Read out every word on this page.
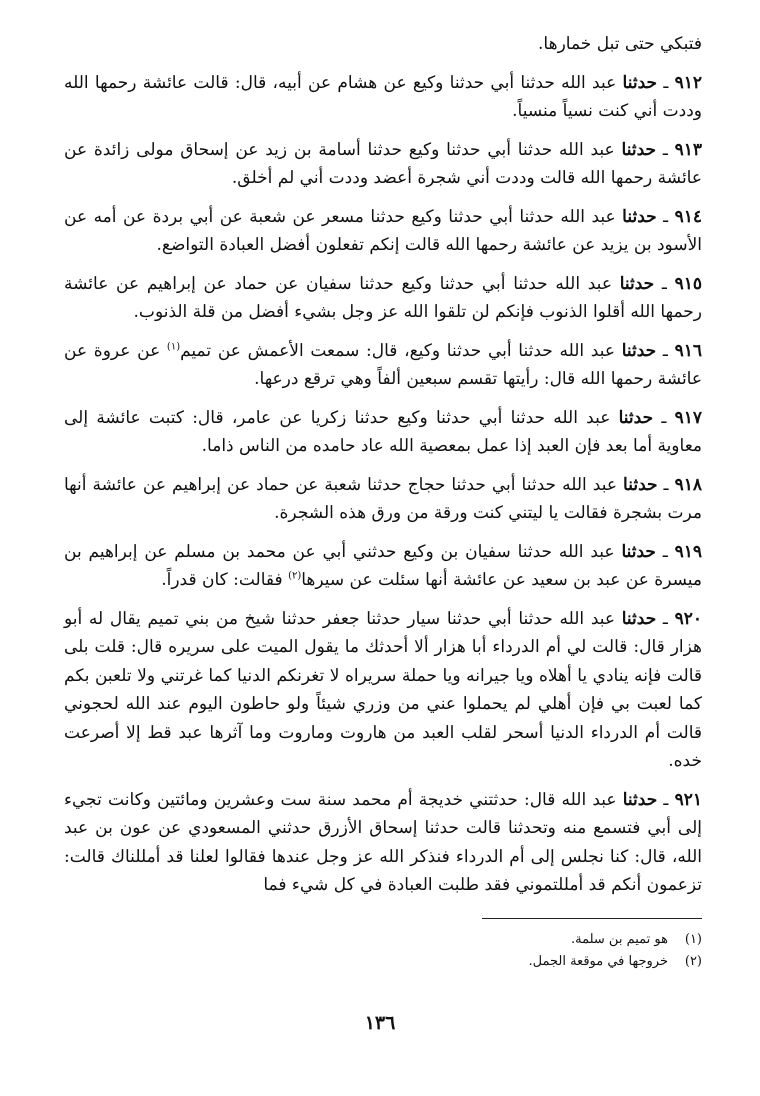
فتبكي حتى تبل خمارها.

٩١٢ ـ حدثنا عبد الله حدثنا أبي حدثنا وكيع عن هشام عن أبيه، قال: قالت عائشة رحمها الله وددت أني كنت نسياً منسياً.

٩١٣ ـ حدثنا عبد الله حدثنا أبي حدثنا وكيع حدثنا أسامة بن زيد عن إسحاق مولى زائدة عن عائشة رحمها الله قالت وددت أني شجرة أعضد وددت أني لم أخلق.

٩١٤ ـ حدثنا عبد الله حدثنا أبي حدثنا وكيع حدثنا مسعر عن شعبة عن أبي بردة عن أمه عن الأسود بن يزيد عن عائشة رحمها الله قالت إنكم تفعلون أفضل العبادة التواضع.

٩١٥ ـ حدثنا عبد الله حدثنا أبي حدثنا وكيع حدثنا سفيان عن حماد عن إبراهيم عن عائشة رحمها الله أقلوا الذنوب فإنكم لن تلقوا الله عز وجل بشيء أفضل من قلة الذنوب.

٩١٦ ـ حدثنا عبد الله حدثنا أبي حدثنا وكيع، قال: سمعت الأعمش عن تميم$^{(١)}$ عن عروة عن عائشة رحمها الله قال: رأيتها تقسم سبعين ألفاً وهي ترقع درعها.

٩١٧ ـ حدثنا عبد الله حدثنا أبي حدثنا وكيع حدثنا زكريا عن عامر، قال: كتبت عائشة إلى معاوية أما بعد فإن العبد إذا عمل بمعصية الله عاد حامده من الناس ذاما.

٩١٨ ـ حدثنا عبد الله حدثنا أبي حدثنا حجاج حدثنا شعبة عن حماد عن إبراهيم عن عائشة أنها مرت بشجرة فقالت يا ليتني كنت ورقة من ورق هذه الشجرة.

٩١٩ ـ حدثنا عبد الله حدثنا سفيان بن وكيع حدثني أبي عن محمد بن مسلم عن إبراهيم بن ميسرة عن عبد بن سعيد عن عائشة أنها سئلت عن سيرها$^{(٢)}$ فقالت: كان قدراً.

٩٢٠ ـ حدثنا عبد الله حدثنا أبي حدثنا سيار حدثنا جعفر حدثنا شيخ من بني تميم يقال له أبو هزار قال: قالت لي أم الدرداء أبا هزار ألا أحدثك ما يقول الميت على سريره قال: قلت بلى قالت فإنه ينادي يا أهلاه ويا جيرانه ويا حملة سريراه لا تغرنكم الدنيا كما غرتني ولا تلعبن بكم كما لعبت بي فإن أهلي لم يحملوا عني من وزري شيئاً ولو حاطون اليوم عند الله لحجوني قالت أم الدرداء الدنيا أسحر لقلب العبد من هاروت وماروت وما آثرها عبد قط إلا أصرعت خده.

٩٢١ ـ حدثنا عبد الله قال: حدثتني خديجة أم محمد سنة ست وعشرين ومائتين وكانت تجيء إلى أبي فتسمع منه وتحدثنا قالت حدثنا إسحاق الأزرق حدثني المسعودي عن عون بن عبد الله، قال: كنا نجلس إلى أم الدرداء فنذكر الله عز وجل عندها فقالوا لعلنا قد أمللناك قالت: تزعمون أنكم قد أمللتموني فقد طلبت العبادة في كل شيء فما

(١)هو تميم بن سلمة.

(٢)خروجها في موقعة الجمل.

١٣٦
